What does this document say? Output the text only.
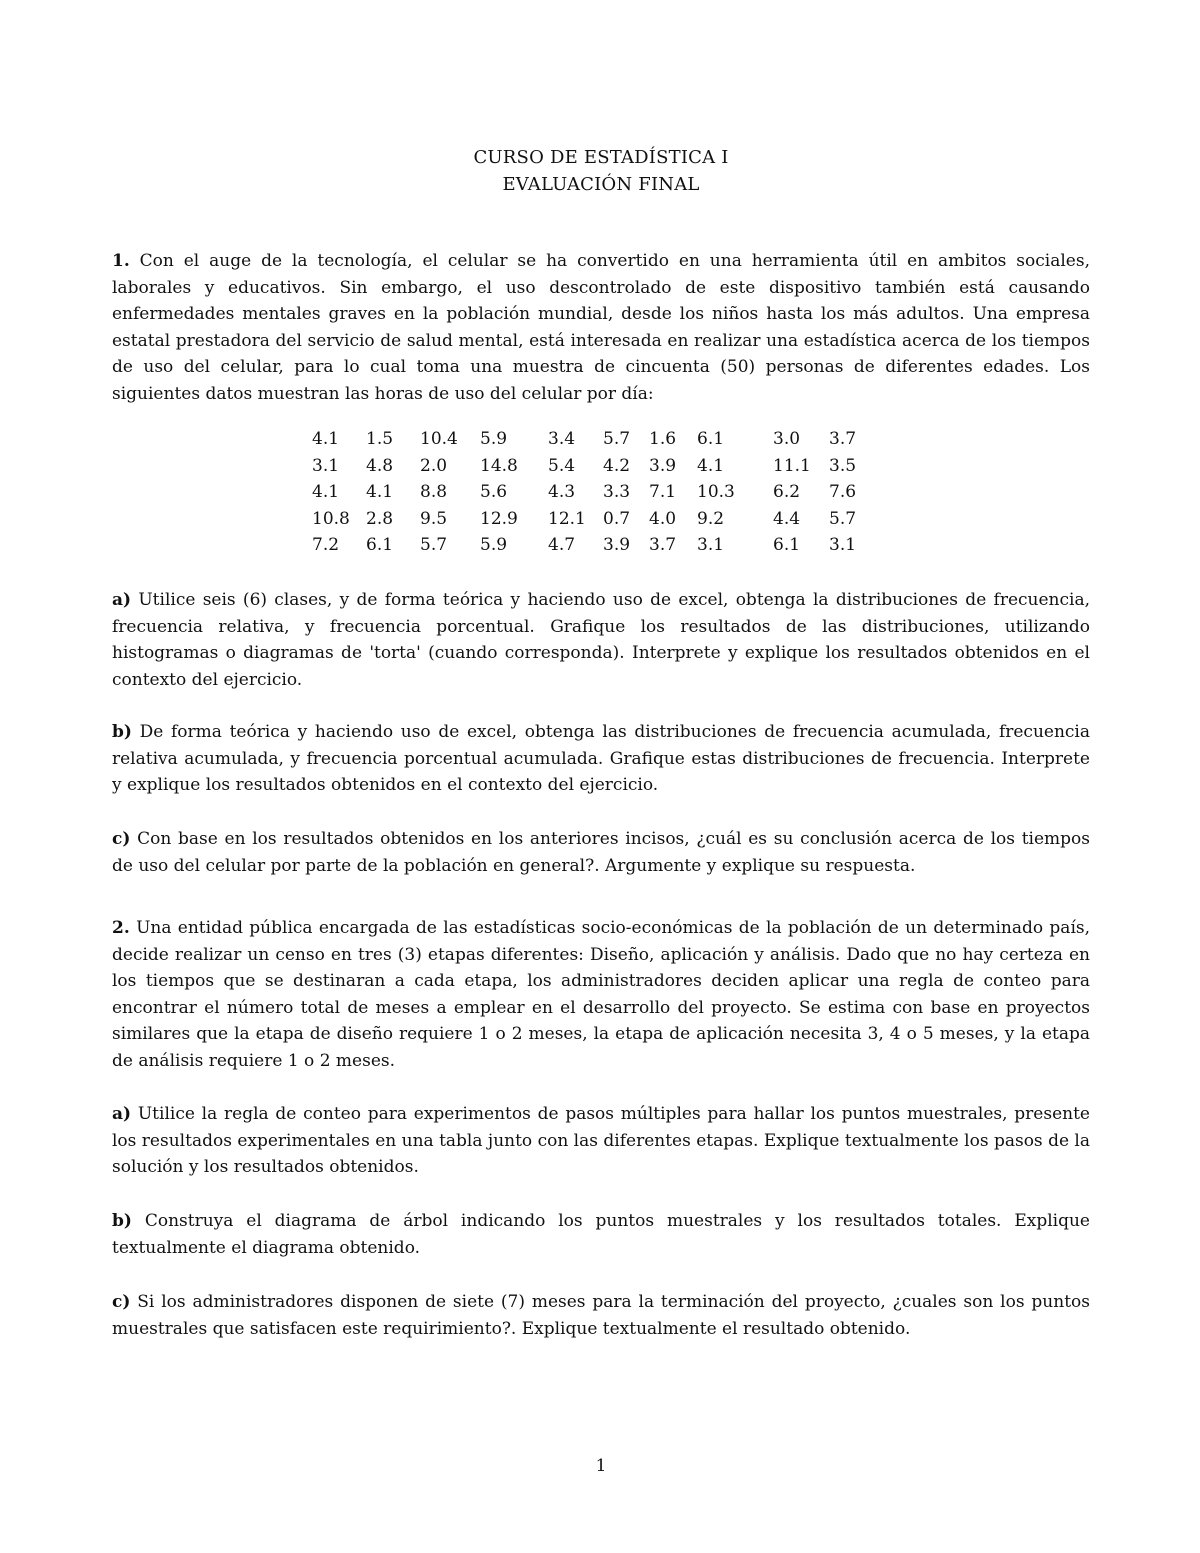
CURSO DE ESTADÍSTICA I
EVALUACIÓN FINAL
1. Con el auge de la tecnología, el celular se ha convertido en una herramienta útil en ambitos sociales, laborales y educativos. Sin embargo, el uso descontrolado de este dispositivo también está causando enfermedades mentales graves en la población mundial, desde los niños hasta los más adultos. Una empresa estatal prestadora del servicio de salud mental, está interesada en realizar una estadística acerca de los tiempos de uso del celular, para lo cual toma una muestra de cincuenta (50) personas de diferentes edades. Los siguientes datos muestran las horas de uso del celular por día:
4.1	1.5	10.4	5.9	3.4	5.7	1.6	6.1	3.0	3.7
3.1	4.8	2.0	14.8	5.4	4.2	3.9	4.1	11.1	3.5
4.1	4.1	8.8	5.6	4.3	3.3	7.1	10.3	6.2	7.6
10.8	2.8	9.5	12.9	12.1	0.7	4.0	9.2	4.4	5.7
7.2	6.1	5.7	5.9	4.7	3.9	3.7	3.1	6.1	3.1
a) Utilice seis (6) clases, y de forma teórica y haciendo uso de excel, obtenga la distribuciones de frecuencia, frecuencia relativa, y frecuencia porcentual. Grafique los resultados de las distribuciones, utilizando histogramas o diagramas de 'torta' (cuando corresponda). Interprete y explique los resultados obtenidos en el contexto del ejercicio.
b) De forma teórica y haciendo uso de excel, obtenga las distribuciones de frecuencia acumulada, frecuencia relativa acumulada, y frecuencia porcentual acumulada. Grafique estas distribuciones de frecuencia. Interprete y explique los resultados obtenidos en el contexto del ejercicio.
c) Con base en los resultados obtenidos en los anteriores incisos, ¿cuál es su conclusión acerca de los tiempos de uso del celular por parte de la población en general?. Argumente y explique su respuesta.
2. Una entidad pública encargada de las estadísticas socio-económicas de la población de un determinado país, decide realizar un censo en tres (3) etapas diferentes: Diseño, aplicación y análisis. Dado que no hay certeza en los tiempos que se destinaran a cada etapa, los administradores deciden aplicar una regla de conteo para encontrar el número total de meses a emplear en el desarrollo del proyecto. Se estima con base en proyectos similares que la etapa de diseño requiere 1 o 2 meses, la etapa de aplicación necesita 3, 4 o 5 meses, y la etapa de análisis requiere 1 o 2 meses.
a) Utilice la regla de conteo para experimentos de pasos múltiples para hallar los puntos muestrales, presente los resultados experimentales en una tabla junto con las diferentes etapas. Explique textualmente los pasos de la solución y los resultados obtenidos.
b) Construya el diagrama de árbol indicando los puntos muestrales y los resultados totales. Explique textualmente el diagrama obtenido.
c) Si los administradores disponen de siete (7) meses para la terminación del proyecto, ¿cuales son los puntos muestrales que satisfacen este requirimiento?. Explique textualmente el resultado obtenido.
1
